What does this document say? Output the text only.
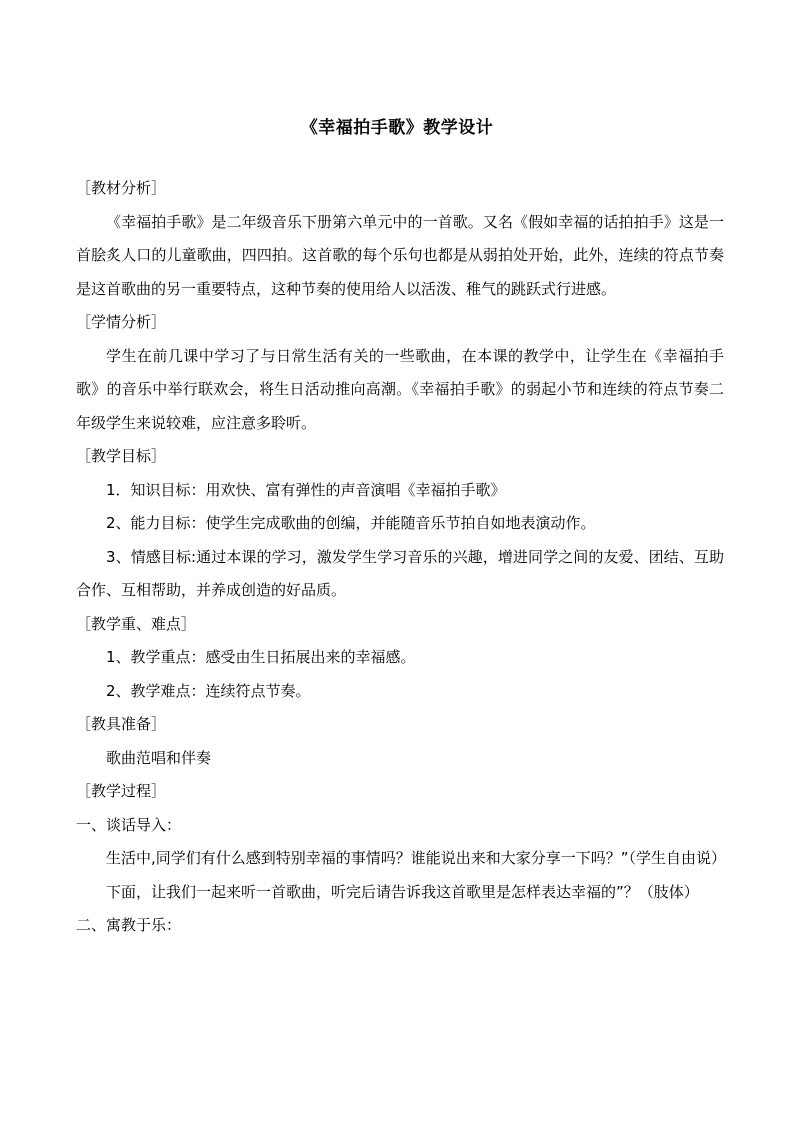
《幸福拍手歌》教学设计

［教材分析］

《幸福拍手歌》是二年级音乐下册第六单元中的一首歌。又名《假如幸福的话拍拍手》这是一首脍炙人口的儿童歌曲，四四拍。这首歌的每个乐句也都是从弱拍处开始，此外，连续的符点节奏是这首歌曲的另一重要特点，这种节奏的使用给人以活泼、稚气的跳跃式行进感。

［学情分析］

学生在前几课中学习了与日常生活有关的一些歌曲，在本课的教学中，让学生在《幸福拍手歌》的音乐中举行联欢会，将生日活动推向高潮。《幸福拍手歌》的弱起小节和连续的符点节奏二年级学生来说较难，应注意多聆听。

［教学目标］

1．知识目标：用欢快、富有弹性的声音演唱《幸福拍手歌》

2、能力目标：使学生完成歌曲的创编，并能随音乐节拍自如地表演动作。

3、情感目标:通过本课的学习，激发学生学习音乐的兴趣，增进同学之间的友爱、团结、互助合作、互相帮助，并养成创造的好品质。

［教学重、难点］

1、教学重点：感受由生日拓展出来的幸福感。

2、教学难点：连续符点节奏。

［教具准备］

歌曲范唱和伴奏

［教学过程］

一、谈话导入：

生活中,同学们有什么感到特别幸福的事情吗？谁能说出来和大家分享一下吗？”（学生自由说）

下面，让我们一起来听一首歌曲，听完后请告诉我这首歌里是怎样表达幸福的”？（肢体）

二、寓教于乐：
